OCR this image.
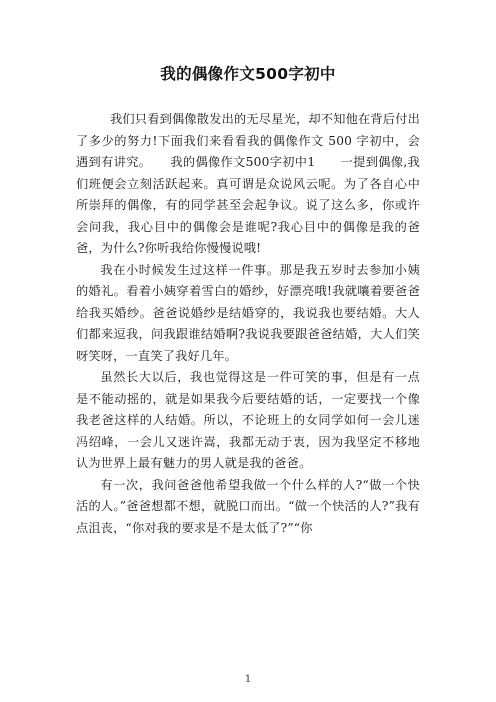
我的偶像作文500字初中

我们只看到偶像散发出的无尽星光，却不知他在背后付出了多少的努力!下面我们来看看我的偶像作文 500 字初中，会遇到有讲究。　　我的偶像作文500字初中1　　一提到偶像,我们班便会立刻活跃起来。真可谓是众说风云呢。为了各自心中所崇拜的偶像，有的同学甚至会起争议。说了这么多，你或许会问我，我心目中的偶像会是谁呢?我心目中的偶像是我的爸爸，为什么?你听我给你慢慢说哦!

我在小时候发生过这样一件事。那是我五岁时去参加小姨的婚礼。看着小姨穿着雪白的婚纱，好漂亮哦!我就嚷着要爸爸给我买婚纱。爸爸说婚纱是结婚穿的，我说我也要结婚。大人们都来逗我，问我跟谁结婚啊?我说我要跟爸爸结婚，大人们笑呀笑呀，一直笑了我好几年。

虽然长大以后，我也觉得这是一件可笑的事，但是有一点是不能动摇的，就是如果我今后要结婚的话，一定要找一个像我老爸这样的人结婚。所以，不论班上的女同学如何一会儿迷冯绍峰，一会儿又迷许嵩，我都无动于衷，因为我坚定不移地认为世界上最有魅力的男人就是我的爸爸。

有一次，我问爸爸他希望我做一个什么样的人?“做一个快活的人。”爸爸想都不想，就脱口而出。“做一个快活的人?”我有点沮丧，“你对我的要求是不是太低了?”“你

1
